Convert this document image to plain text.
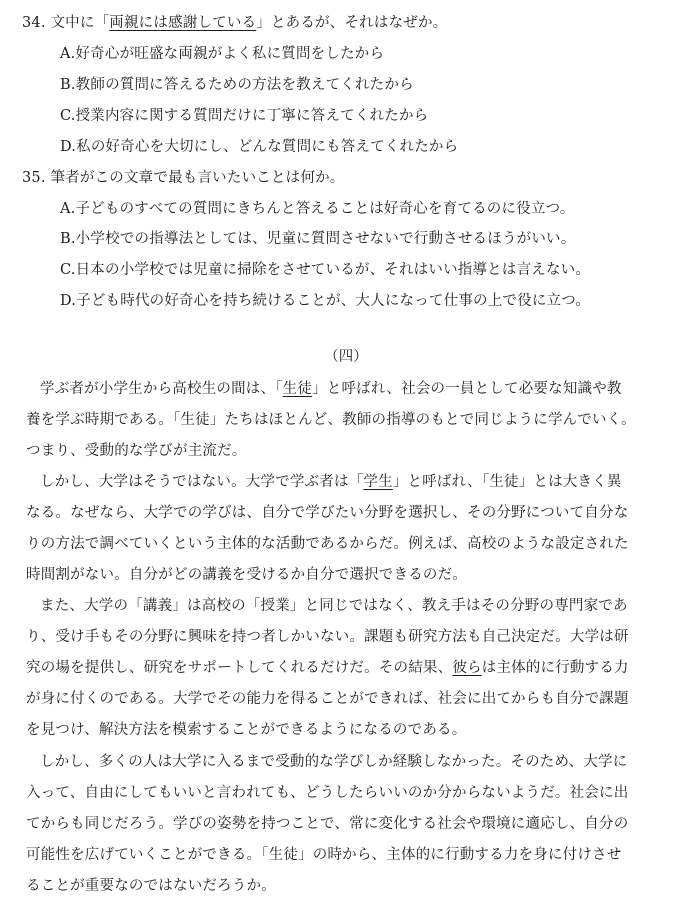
34. 文中に「両親には感謝している」とあるが、それはなぜか。
A.好奇心が旺盛な両親がよく私に質問をしたから
B.教師の質問に答えるための方法を教えてくれたから
C.授業内容に関する質問だけに丁寧に答えてくれたから
D.私の好奇心を大切にし、どんな質問にも答えてくれたから
35. 筆者がこの文章で最も言いたいことは何か。
A.子どものすべての質問にきちんと答えることは好奇心を育てるのに役立つ。
B.小学校での指導法としては、児童に質問させないで行動させるほうがいい。
C.日本の小学校では児童に掃除をさせているが、それはいい指導とは言えない。
D.子ども時代の好奇心を持ち続けることが、大人になって仕事の上で役に立つ。
（四）
学ぶ者が小学生から高校生の間は、「生徒」と呼ばれ、社会の一員として必要な知識や教
養を学ぶ時期である。「生徒」たちはほとんど、教師の指導のもとで同じように学んでいく。
つまり、受動的な学びが主流だ。
しかし、大学はそうではない。大学で学ぶ者は「学生」と呼ばれ、「生徒」とは大きく異
なる。なぜなら、大学での学びは、自分で学びたい分野を選択し、その分野について自分な
りの方法で調べていくという主体的な活動であるからだ。例えば、高校のような設定された
時間割がない。自分がどの講義を受けるか自分で選択できるのだ。
また、大学の「講義」は高校の「授業」と同じではなく、教え手はその分野の専門家であ
り、受け手もその分野に興味を持つ者しかいない。課題も研究方法も自己決定だ。大学は研
究の場を提供し、研究をサポートしてくれるだけだ。その結果、彼らは主体的に行動する力
が身に付くのである。大学でその能力を得ることができれば、社会に出てからも自分で課題
を見つけ、解決方法を模索することができるようになるのである。
しかし、多くの人は大学に入るまで受動的な学びしか経験しなかった。そのため、大学に
入って、自由にしてもいいと言われても、どうしたらいいのか分からないようだ。社会に出
てからも同じだろう。学びの姿勢を持つことで、常に変化する社会や環境に適応し、自分の
可能性を広げていくことができる。「生徒」の時から、主体的に行動する力を身に付けさせ
ることが重要なのではないだろうか。
